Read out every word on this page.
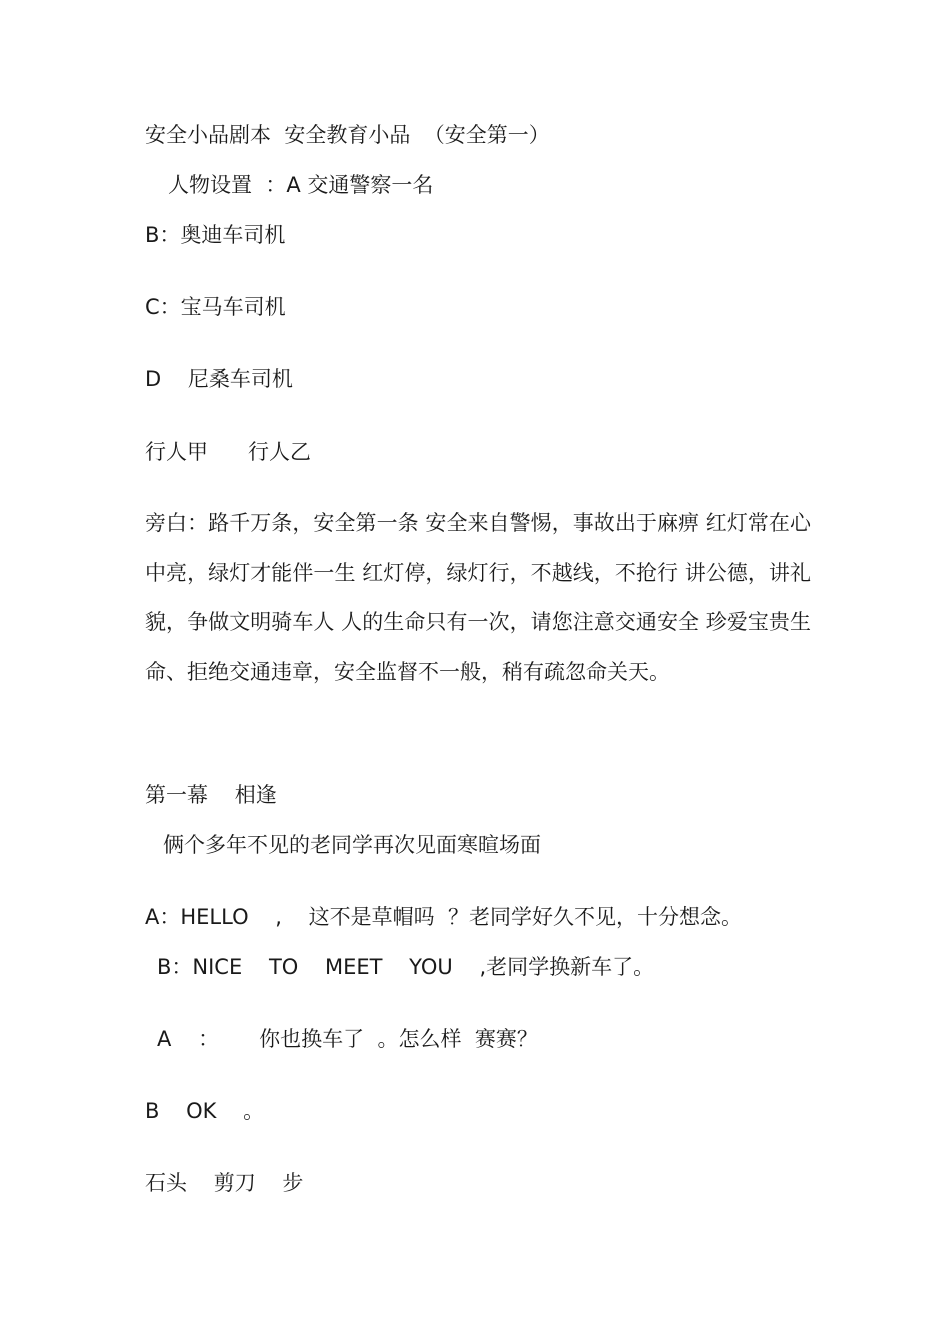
安全小品剧本  安全教育小品  （安全第一）

人物设置  ：A 交通警察一名

B：奥迪车司机

C：宝马车司机

D    尼桑车司机

行人甲      行人乙

旁白：路千万条，安全第一条 安全来自警惕，事故出于麻痹 红灯常在心中亮，绿灯才能伴一生 红灯停，绿灯行，不越线，不抢行 讲公德，讲礼貌，争做文明骑车人 人的生命只有一次，请您注意交通安全 珍爱宝贵生命、拒绝交通违章，安全监督不一般，稍有疏忽命关天。

第一幕    相逢

俩个多年不见的老同学再次见面寒暄场面

A：HELLO    ,    这不是草帽吗  ？老同学好久不见，十分想念。

B：NICE    TO    MEET    YOU    ,老同学换新车了。

A    ：      你也换车了  。怎么样  赛赛？

B    OK    。

石头    剪刀    步
